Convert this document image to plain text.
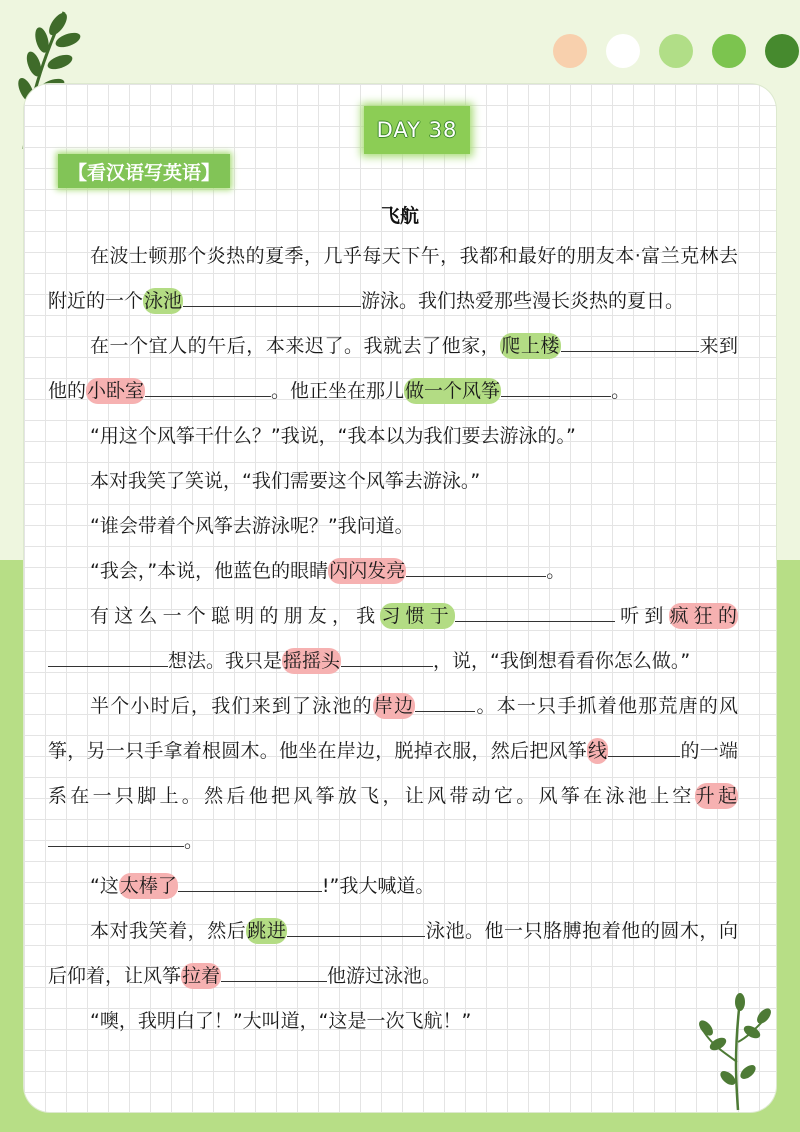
DAY 38
【看汉语写英语】
飞航

在波士顿那个炎热的夏季，几乎每天下午，我都和最好的朋友本·富兰克林去附近的一个泳池	游泳。我们热爱那些漫长炎热的夏日。

在一个宜人的午后，本来迟了。我就去了他家，爬上楼	来到他的小卧室	。他正坐在那儿做一个风筝	。

“用这个风筝干什么？”我说，“我本以为我们要去游泳的。”

本对我笑了笑说，“我们需要这个风筝去游泳。”

“谁会带着个风筝去游泳呢？”我问道。

“我会，”本说，他蓝色的眼睛闪闪发亮	。

有这么一个聪明的朋友，我习惯于	听到疯狂的想法。我只是摇摇头	，说，“我倒想看看你怎么做。”

半个小时后，我们来到了泳池的岸边	。本一只手抓着他那荒唐的风筝，另一只手拿着根圆木。他坐在岸边，脱掉衣服，然后把风筝线	的一端系在一只脚上。然后他把风筝放飞，让风带动它。风筝在泳池上空升起。

“这太棒了	!”我大喊道。

本对我笑着，然后跳进	泳池。他一只胳膊抱着他的圆木，向后仰着，让风筝拉着	他游过泳池。

“噢，我明白了！”大叫道，“这是一次飞航！”
